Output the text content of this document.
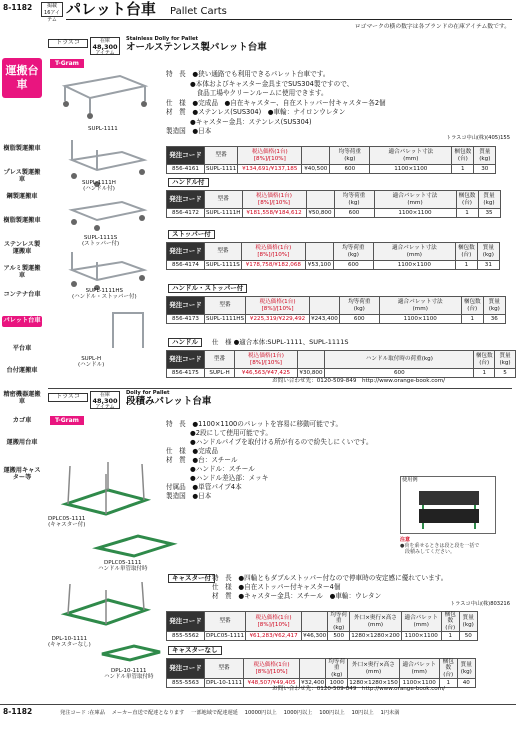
8-1182	掲載
16アイテム
パレット台車 Pallet Carts
ロゴマークの横の数字は各ブランドの在庫アイテム数です。
運搬台車
樹脂製運搬車
プレス製運搬車
鋼製運搬車
樹脂製運搬車
ステンレス製運搬車
アルミ製運搬車
コンテナ台車
パレット台車
平台車
台付運搬車
精密機器運搬車
カゴ車
運搬用台車
運搬用キャスター等
トラスコ	在庫
48,300
アイテム
Stainless Dolly for Pallet
オールステンレス製パレット台車
T-Gram
特　長　 ●狭い通路でも利用できるパレット台車です。
●本体およびキャスター金具までSUS304製ですので、
　食品工場やクリーンルームに使用できます。
仕　様　 ●完成品　●自在キャスター、自在ストッパー付キャスター各2個
材　質　 ●ステンレス(SUS304)　●車輪：ナイロンウレタン
●キャスター金具：ステンレス(SUS304)
製造国　 ●日本
トラスコ中山(株)(405)155
SUPL-1111
SUPL-1111H
(ハンドル付)
SUPL-1111S
(ストッパー付)
SUPL-1111HS
(ハンドル・ストッパー付)
SUPL-H
(ハンドル)
発注コード	型番	税込価格(1台)
[8%]/[10%]		均等荷重
(kg)	適合パレット寸法
(mm)	梱包数
(台)	質量
(kg)
856-4161	SUPL-1111	¥134,691/¥137,185	¥40,500	600	1100×1100	1	30
ハンドル付
発注コード	型番	税込価格(1台)
[8%]/[10%]		均等荷重
(kg)	適合パレット寸法
(mm)	梱包数
(台)	質量
(kg)
856-4172	SUPL-1111H	¥181,558/¥184,612	¥50,800	600	1100×1100	1	35
ストッパー付
発注コード	型番	税込価格(1台)
[8%]/[10%]		均等荷重
(kg)	適合パレット寸法
(mm)	梱包数
(台)	質量
(kg)
856-4174	SUPL-1111S	¥178,758/¥182,068	¥53,100	600	1100×1100	1	31
ハンドル・ストッパー付
発注コード	型番	税込価格(1台)
[8%]/[10%]		均等荷重
(kg)	適合パレット寸法
(mm)	梱包数
(台)	質量
(kg)
856-4173	SUPL-1111HS	¥225,319/¥229,492	¥243,400	600	1100×1100	1	36
ハンドル	仕　様 ●適合本体:SUPL-1111、SUPL-1111S
発注コード	型番	税込価格(1台)
[8%]/[10%]		ハンドル取付時の荷重(kg)	梱包数
(台)	質量
(kg)
856-4175	SUPL-H	¥46,563/¥47,425	¥30,800	600	1	5
お問い合わせ先：0120-509-849　http://www.orange-book.com/
トラスコ	在庫
48,300
アイテム
Dolly for Pallet
段積みパレット台車
T-Gram	特　長　 ●1100×1100のパレットを容易に移動可能です。
●2段にして使用可能です。
●ハンドルパイプを取付ける所が有るので紛失しにくいです。
仕　様　 ●完成品
材　質　 ●台：スチール
●ハンドル：スチール
●ハンドル差込部：メッキ
付属品　 ●単管パイプ4本
製造国　 ●日本
使用例
注意
●荷を乗せるときは段と段を一括で
　段積みしてください。
DPLC05-1111
(キャスター付)
DPLC05-1111
ハンドル単管取付時
DPL-10-1111
(キャスターなし)
DPL-10-1111
ハンドル単管取付時
キャスター付 特　長　 ●四輪ともダブルストッパー付なので停車時の安定感に優れています。
仕　様　 ●自在ストッパー付キャスター4個
材　質　 ●キャスター金具：スチール　●車輪：ウレタン
トラスコ中山(株)803216
発注コード	型番	税込価格(1台)
[8%]/[10%]		均等荷重
(kg)	外口×奥行×高さ
(mm)	適合パレット
(mm)	梱包数
(台)	質量
(kg)
855-5562	DPLC05-1111	¥61,283/¥62,417	¥46,300	500	1280×1280×200	1100×1100	1	50
キャスターなし
発注コード	型番	税込価格(1台)
[8%]/[10%]		均等荷重
(kg)	外口×奥行×高さ
(mm)	適合パレット
(mm)	梱包数
(台)	質量
(kg)
855-5563	DPL-10-1111	¥48,507/¥49,405	¥32,400	1000	1280×1280×150	1100×1100	1	40
お問い合わせ先：0120-509-849　http://www.orange-book.com/
8-1182	発注コード :在庫品　 メーカー直送で配達となります　 一部地域で配達遅延　 10000円以上　 1000円以上　 100円以上　 10円以上　 1円未満
